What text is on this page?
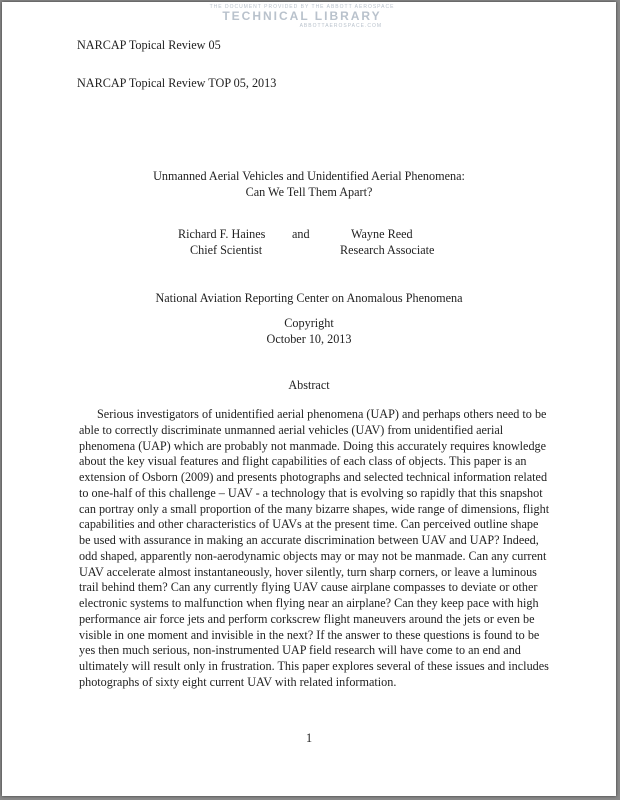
THE DOCUMENT PROVIDED BY THE ABBOTT AEROSPACE
TECHNICAL LIBRARY
ABBOTTAEROSPACE.COM
NARCAP Topical Review 05
NARCAP Topical Review TOP 05, 2013
Unmanned Aerial Vehicles and Unidentified Aerial Phenomena:
Can We Tell Them Apart?
Richard F. Haines and	Wayne Reed
Chief Scientist	Research Associate
National Aviation Reporting Center on Anomalous Phenomena
Copyright
October 10, 2013
Abstract
Serious investigators of unidentified aerial phenomena (UAP) and perhaps others need to be
able to correctly discriminate unmanned aerial vehicles (UAV) from unidentified aerial
phenomena (UAP) which are probably not manmade. Doing this accurately requires knowledge
about the key visual features and flight capabilities of each class of objects. This paper is an
extension of Osborn (2009) and presents photographs and selected technical information related
to one-half of this challenge – UAV - a technology that is evolving so rapidly that this snapshot
can portray only a small proportion of the many bizarre shapes, wide range of dimensions, flight
capabilities and other characteristics of UAVs at the present time. Can perceived outline shape
be used with assurance in making an accurate discrimination between UAV and UAP? Indeed,
odd shaped, apparently non-aerodynamic objects may or may not be manmade. Can any current
UAV accelerate almost instantaneously, hover silently, turn sharp corners, or leave a luminous
trail behind them? Can any currently flying UAV cause airplane compasses to deviate or other
electronic systems to malfunction when flying near an airplane? Can they keep pace with high
performance air force jets and perform corkscrew flight maneuvers around the jets or even be
visible in one moment and invisible in the next? If the answer to these questions is found to be
yes then much serious, non-instrumented UAP field research will have come to an end and
ultimately will result only in frustration. This paper explores several of these issues and includes
photographs of sixty eight current UAV with related information.
1
